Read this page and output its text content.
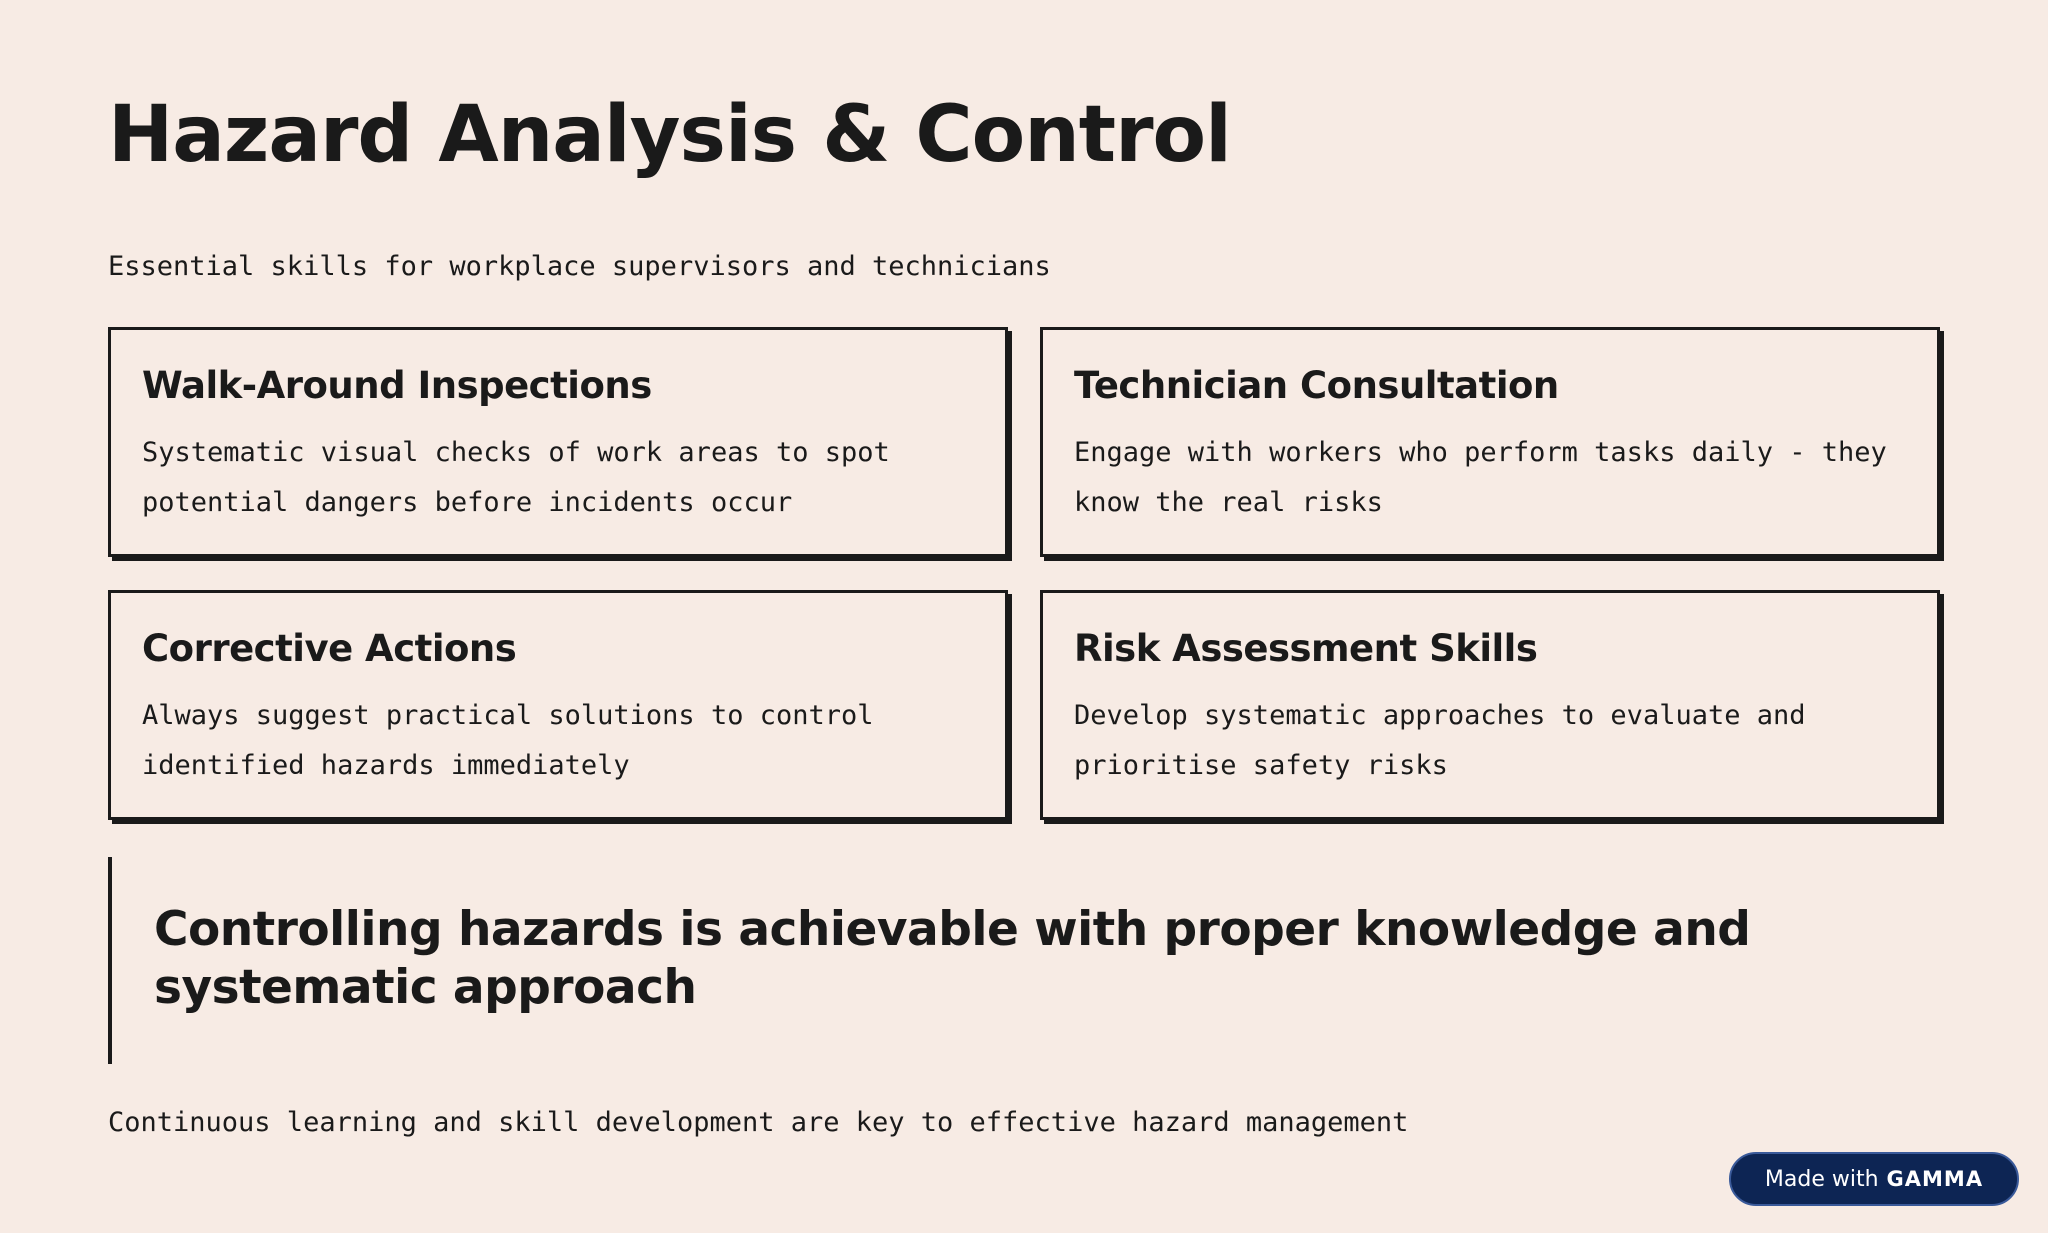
Hazard Analysis & Control

Essential skills for workplace supervisors and technicians

Walk-Around Inspections

Systematic visual checks of work areas to spot potential dangers before incidents occur

Technician Consultation

Engage with workers who perform tasks daily - they know the real risks

Corrective Actions

Always suggest practical solutions to control identified hazards immediately

Risk Assessment Skills

Develop systematic approaches to evaluate and prioritise safety risks

Controlling hazards is achievable with proper knowledge and systematic approach

Continuous learning and skill development are key to effective hazard management

Made with GAMMA
